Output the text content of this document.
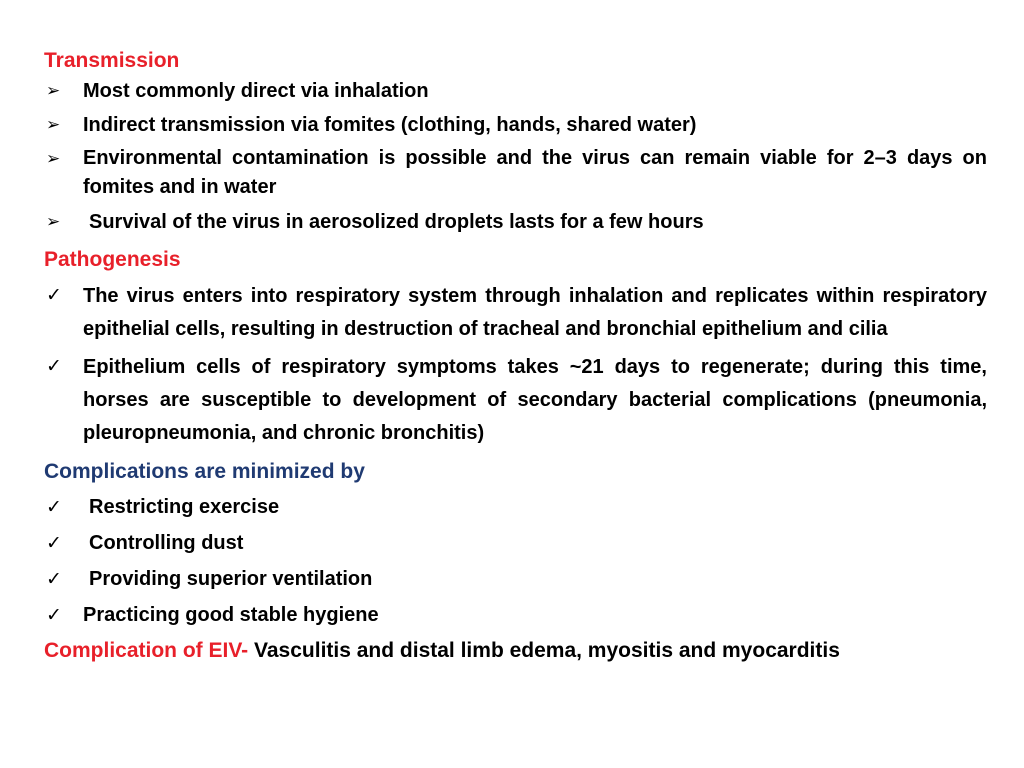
Transmission
➢	Most commonly direct via inhalation
➢	Indirect transmission via fomites (clothing, hands, shared water)
➢	Environmental contamination is possible and the virus can remain viable for 2–3 days on fomites and in water
➢	Survival of the virus in aerosolized droplets lasts for a few hours
Pathogenesis
✓	The virus enters into respiratory system through inhalation and replicates within respiratory epithelial cells, resulting in destruction of tracheal and bronchial epithelium and cilia
✓	Epithelium cells of respiratory symptoms takes ~21 days to regenerate; during this time, horses are susceptible to development of secondary bacterial complications (pneumonia, pleuropneumonia, and chronic bronchitis)
Complications are minimized by
✓	Restricting exercise
✓	Controlling dust
✓	Providing superior ventilation
✓	Practicing good stable hygiene
Complication of EIV- Vasculitis and distal limb edema, myositis and myocarditis
